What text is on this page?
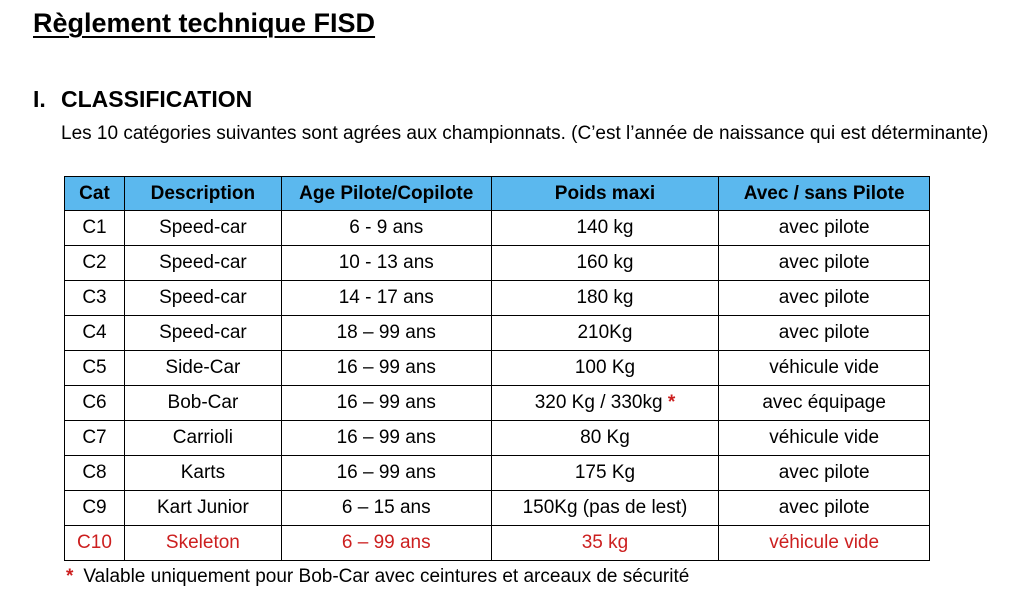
Règlement technique FISD
I. CLASSIFICATION

Les 10 catégories suivantes sont agrées aux championnats. (C’est l’année de naissance qui est déterminante)

Cat	Description	Age Pilote/Copilote	Poids maxi	Avec / sans Pilote
C1	Speed-car	6 - 9 ans	140 kg	avec pilote
C2	Speed-car	10 - 13 ans	160 kg	avec pilote
C3	Speed-car	14 - 17 ans	180 kg	avec pilote
C4	Speed-car	18 – 99 ans	210Kg	avec pilote
C5	Side-Car	16 – 99 ans	100 Kg	véhicule vide
C6	Bob-Car	16 – 99 ans	320 Kg / 330kg *	avec équipage
C7	Carrioli	16 – 99 ans	80 Kg	véhicule vide
C8	Karts	16 – 99 ans	175 Kg	avec pilote
C9	Kart Junior	6 – 15 ans	150Kg (pas de lest)	avec pilote
C10	Skeleton	6 – 99 ans	35 kg	véhicule vide

* Valable uniquement pour Bob-Car avec ceintures et arceaux de sécurité
